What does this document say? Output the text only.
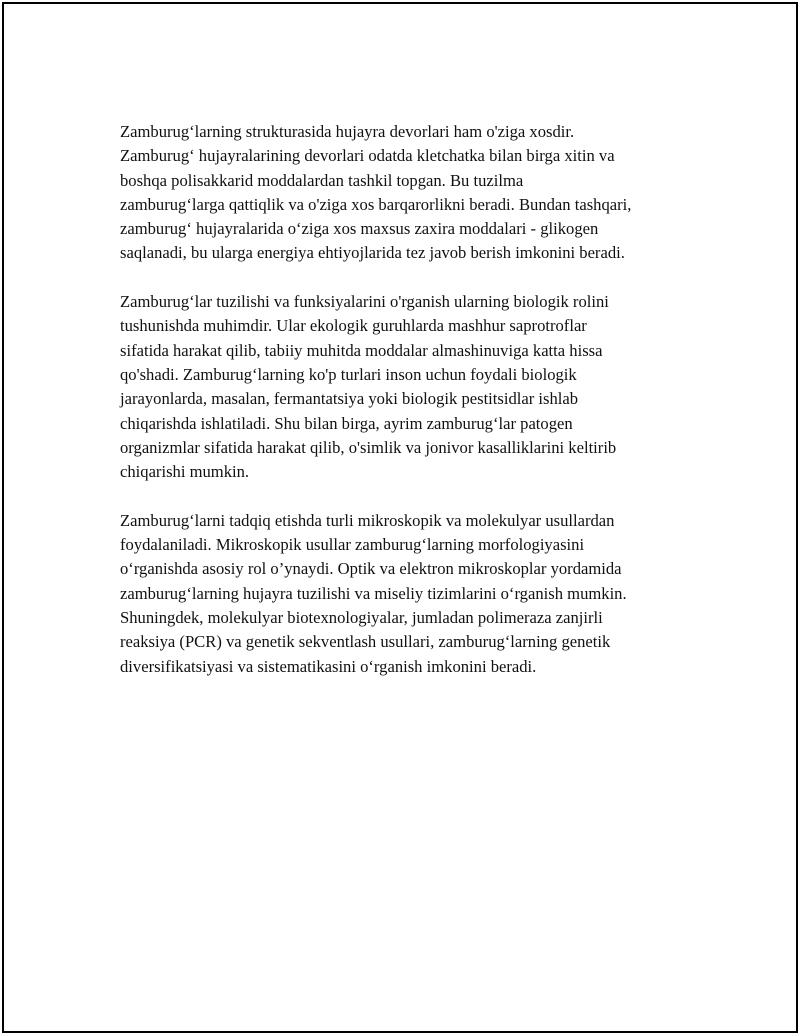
Zamburug‘larning strukturasida hujayra devorlari ham o'ziga xosdir.
Zamburug‘ hujayralarining devorlari odatda kletchatka bilan birga xitin va
boshqa polisakkarid moddalardan tashkil topgan. Bu tuzilma
zamburug‘larga qattiqlik va o'ziga xos barqarorlikni beradi. Bundan tashqari,
zamburug‘ hujayralarida o‘ziga xos maxsus zaxira moddalari - glikogen
saqlanadi, bu ularga energiya ehtiyojlarida tez javob berish imkonini beradi.

Zamburug‘lar tuzilishi va funksiyalarini o'rganish ularning biologik rolini
tushunishda muhimdir. Ular ekologik guruhlarda mashhur saprotroflar
sifatida harakat qilib, tabiiy muhitda moddalar almashinuviga katta hissa
qo'shadi. Zamburug‘larning ko'p turlari inson uchun foydali biologik
jarayonlarda, masalan, fermantatsiya yoki biologik pestitsidlar ishlab
chiqarishda ishlatiladi. Shu bilan birga, ayrim zamburug‘lar patogen
organizmlar sifatida harakat qilib, o'simlik va jonivor kasalliklarini keltirib
chiqarishi mumkin.

Zamburug‘larni tadqiq etishda turli mikroskopik va molekulyar usullardan
foydalaniladi. Mikroskopik usullar zamburug‘larning morfologiyasini
o‘rganishda asosiy rol o’ynaydi. Optik va elektron mikroskoplar yordamida
zamburug‘larning hujayra tuzilishi va miseliy tizimlarini o‘rganish mumkin.
Shuningdek, molekulyar biotexnologiyalar, jumladan polimeraza zanjirli
reaksiya (PCR) va genetik sekventlash usullari, zamburug‘larning genetik
diversifikatsiyasi va sistematikasini o‘rganish imkonini beradi.
